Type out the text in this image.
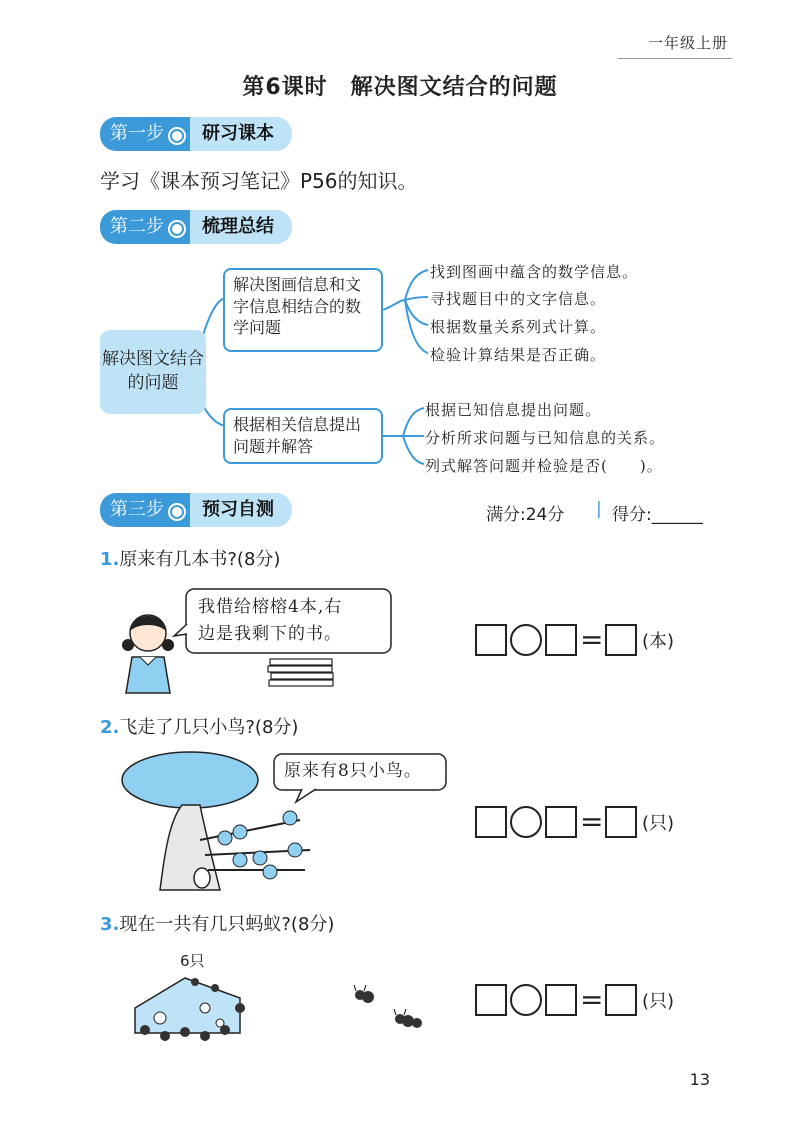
一年级上册
第6课时　解决图文结合的问题
第一步	研习课本
学习《课本预习笔记》P56的知识。
第二步	梳理总结
解决图文结合的问题
解决图画信息和文字信息相结合的数学问题
根据相关信息提出问题并解答
找到图画中蕴含的数学信息。
寻找题目中的文字信息。
根据数量关系列式计算。
检验计算结果是否正确。
根据已知信息提出问题。
分析所求问题与已知信息的关系。
列式解答问题并检验是否(　　)。
第三步	预习自测	满分:24分 | 得分:______
1.原来有几本书?(8分)
我借给榕榕4本,右
边是我剩下的书。	= (本)
2.飞走了几只小鸟?(8分)
原来有8只小鸟。
= (只)
3.现在一共有几只蚂蚁?(8分)
6只
= (只)
13
